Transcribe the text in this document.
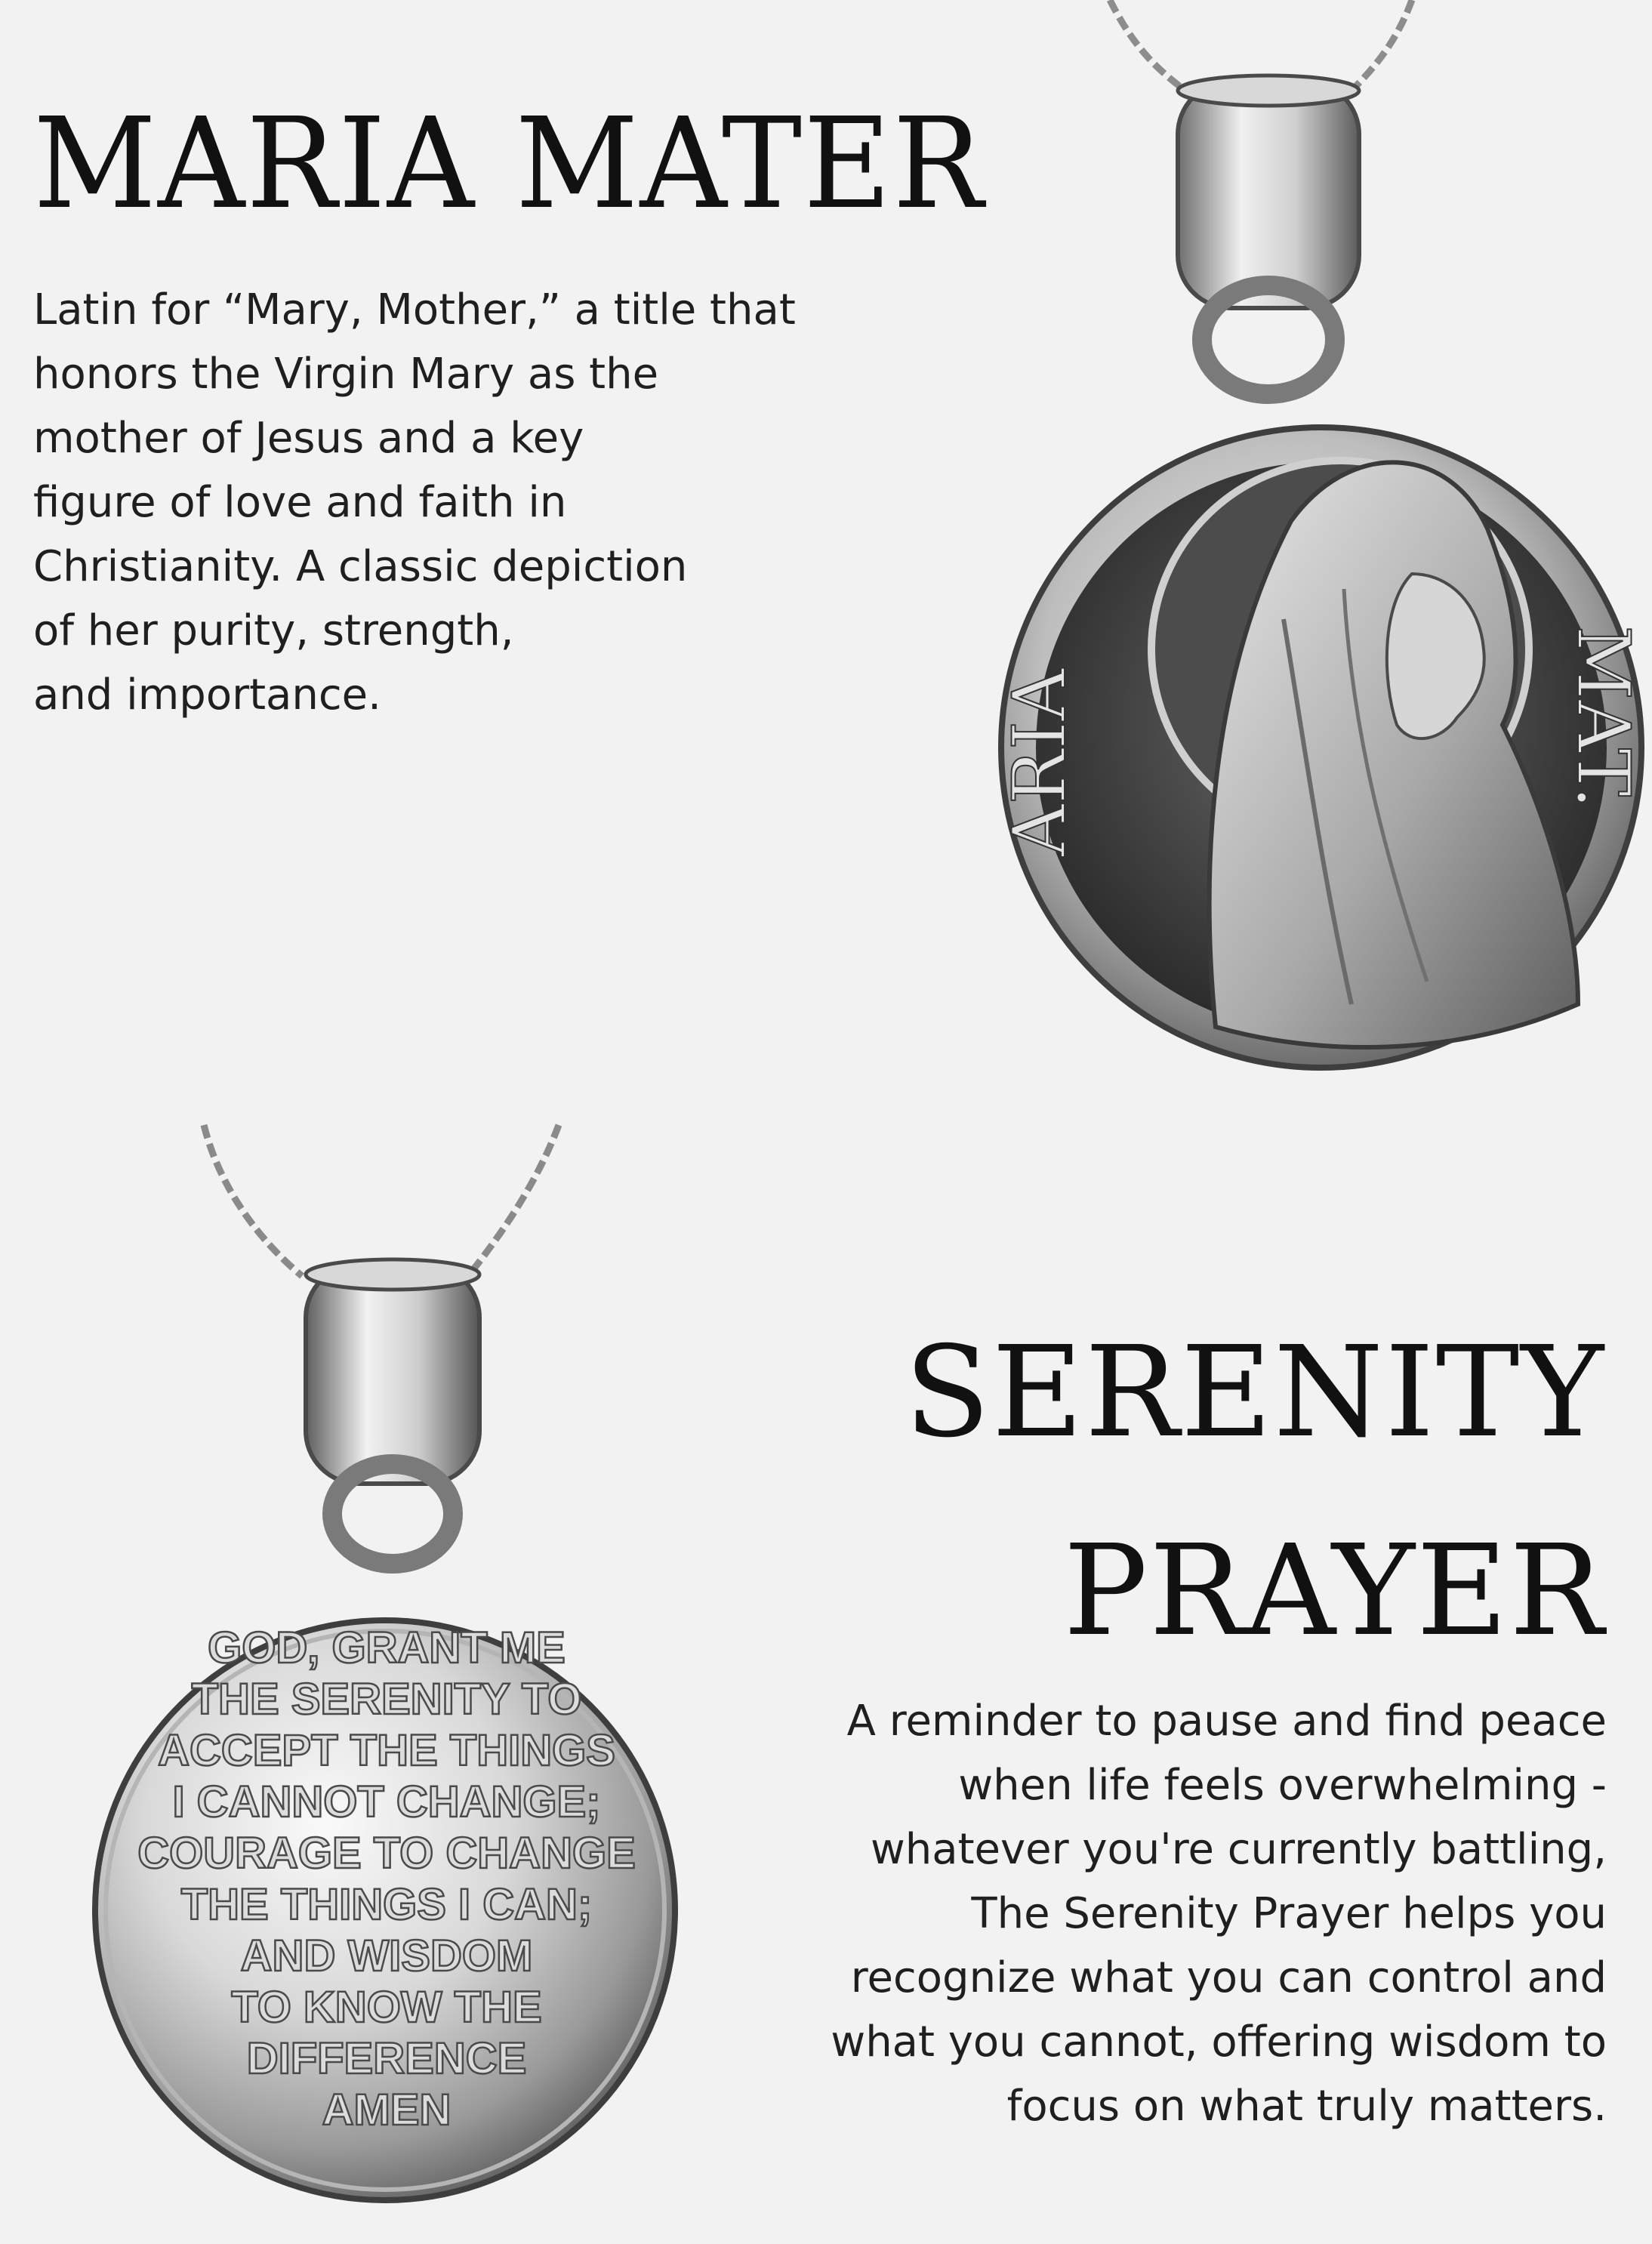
MARIA MATER

Latin for “Mary, Mother,” a title that
honors the Virgin Mary as the
mother of Jesus and a key
figure of love and faith in
Christianity. A classic depiction
of her purity, strength,
and importance.	ARIA	MAT.
GOD, GRANT ME
THE SERENITY TO
ACCEPT THE THINGS
I CANNOT CHANGE;
COURAGE TO CHANGE
THE THINGS I CAN;
AND WISDOM
TO KNOW THE
DIFFERENCE
AMEN
SERENITY
PRAYER

A reminder to pause and find peace
when life feels overwhelming -
whatever you're currently battling,
The Serenity Prayer helps you
recognize what you can control and
what you cannot, offering wisdom to
focus on what truly matters.
